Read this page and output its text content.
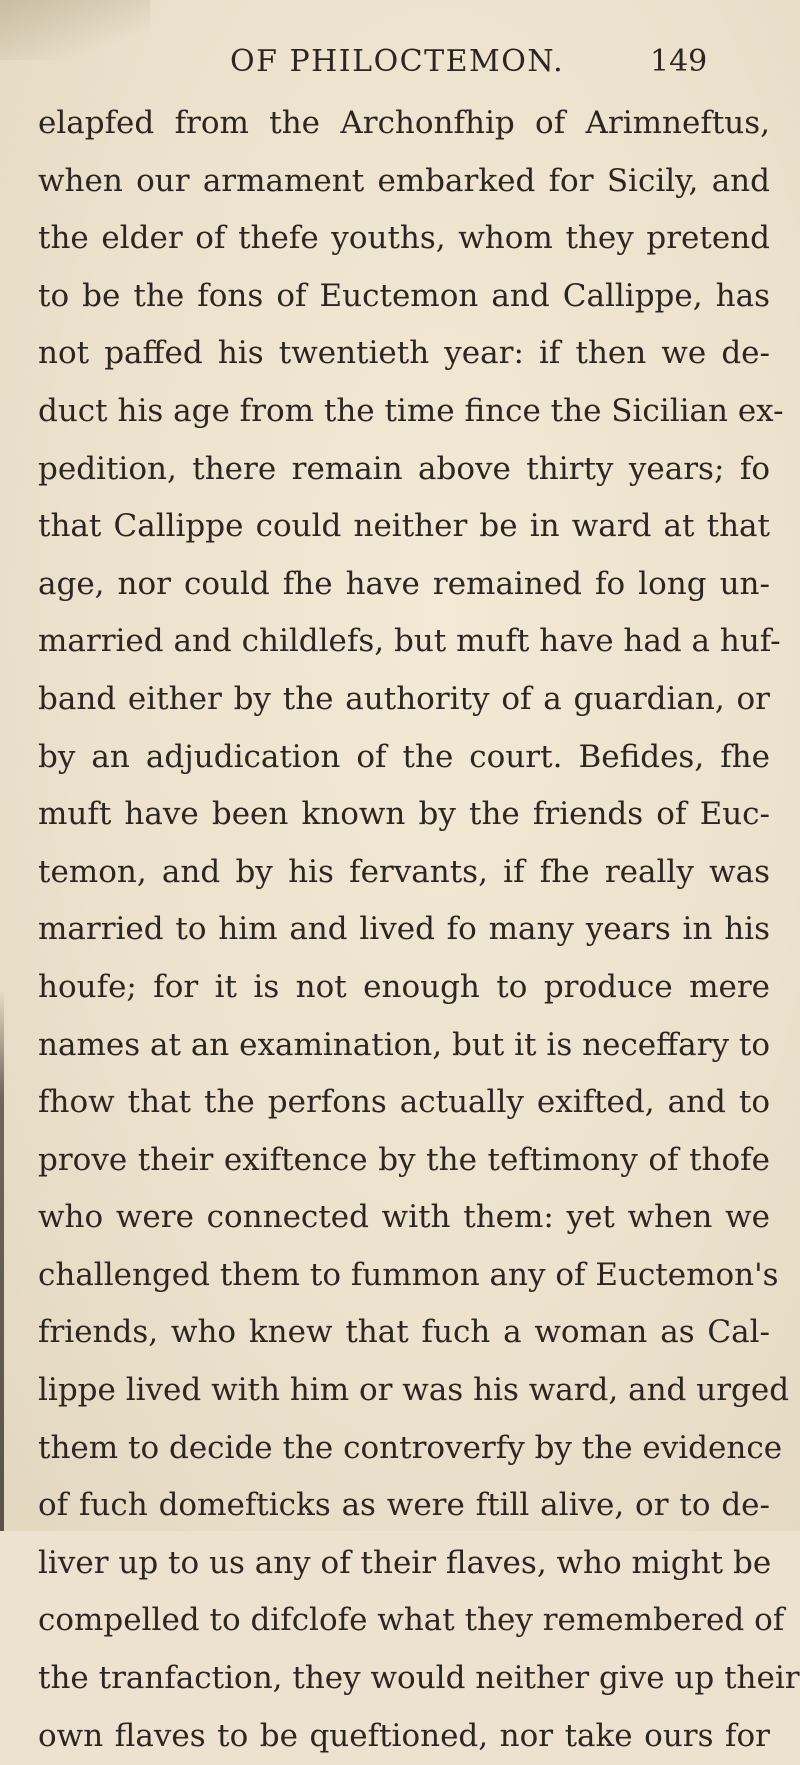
OF PHILOCTEMON.	149
elapfed from the Archonfhip of Arimneftus,
when our armament embarked for Sicily, and
the elder of thefe youths, whom they pretend
to be the fons of Euctemon and Callippe, has
not paffed his twentieth year: if then we de-
duct his age from the time fince the Sicilian ex-
pedition, there remain above thirty years; fo
that Callippe could neither be in ward at that
age, nor could fhe have remained fo long un-
married and childlefs, but muft have had a huf-
band either by the authority of a guardian, or
by an adjudication of the court. Befides, fhe
muft have been known by the friends of Euc-
temon, and by his fervants, if fhe really was
married to him and lived fo many years in his
houfe; for it is not enough to produce mere
names at an examination, but it is neceffary to
fhow that the perfons actually exifted, and to
prove their exiftence by the teftimony of thofe
who were connected with them: yet when we
challenged them to fummon any of Euctemon's
friends, who knew that fuch a woman as Cal-
lippe lived with him or was his ward, and urged
them to decide the controverfy by the evidence
of fuch domefticks as were ftill alive, or to de-
liver up to us any of their flaves, who might be
compelled to difclofe what they remembered of
the tranfaction, they would neither give up their
own flaves to be queftioned, nor take ours for
